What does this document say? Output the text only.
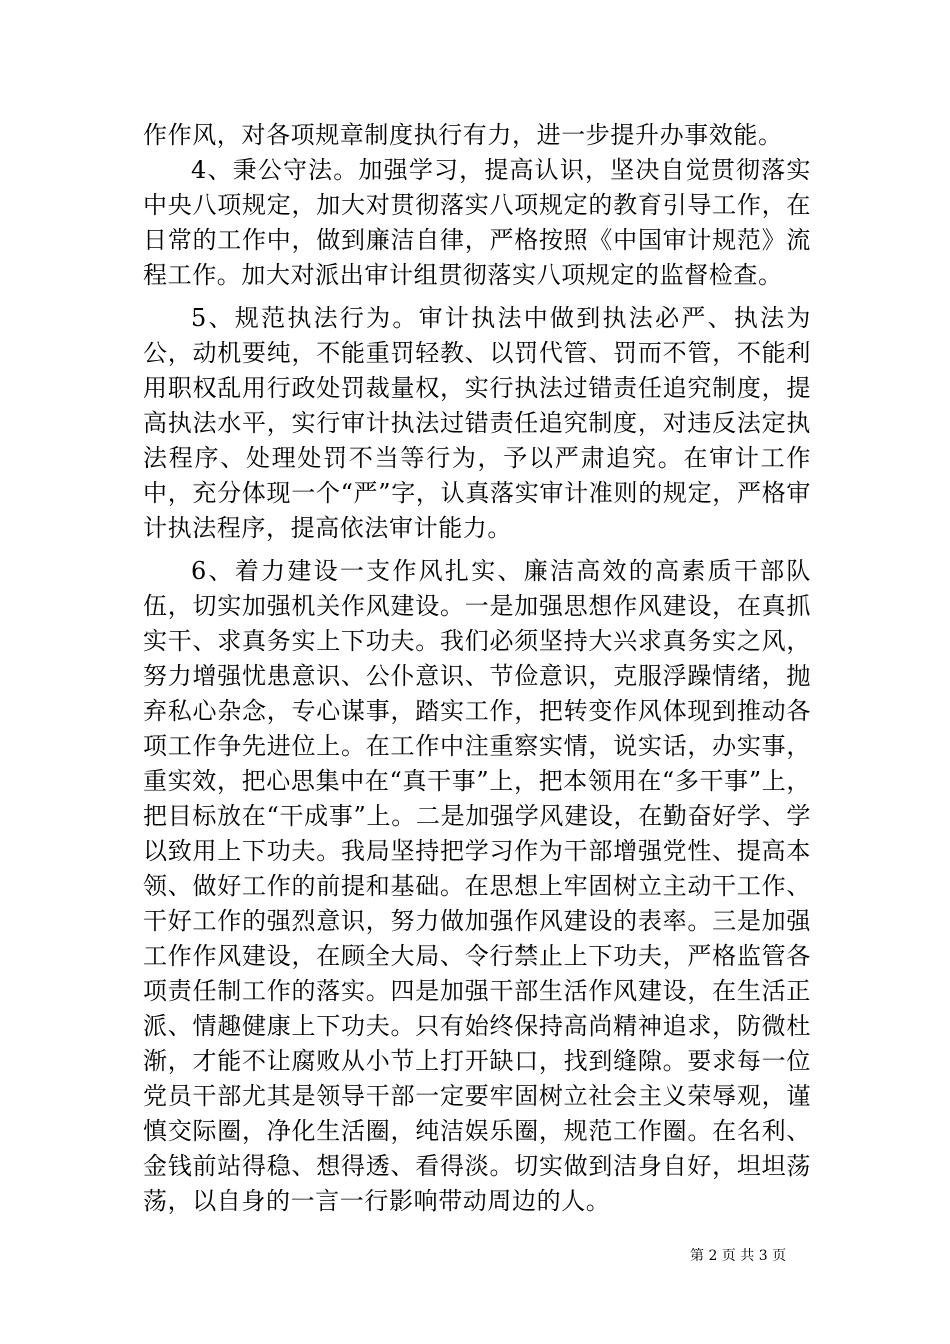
作作风，对各项规章制度执行有力，进一步提升办事效能。

4、秉公守法。加强学习，提高认识，坚决自觉贯彻落实中央八项规定，加大对贯彻落实八项规定的教育引导工作，在日常的工作中，做到廉洁自律，严格按照《中国审计规范》流程工作。加大对派出审计组贯彻落实八项规定的监督检查。

5、规范执法行为。审计执法中做到执法必严、执法为公，动机要纯，不能重罚轻教、以罚代管、罚而不管，不能利用职权乱用行政处罚裁量权，实行执法过错责任追究制度，提高执法水平，实行审计执法过错责任追究制度，对违反法定执法程序、处理处罚不当等行为，予以严肃追究。在审计工作中，充分体现一个“严”字，认真落实审计准则的规定，严格审计执法程序，提高依法审计能力。

6、着力建设一支作风扎实、廉洁高效的高素质干部队伍，切实加强机关作风建设。一是加强思想作风建设，在真抓实干、求真务实上下功夫。我们必须坚持大兴求真务实之风，努力增强忧患意识、公仆意识、节俭意识，克服浮躁情绪，抛弃私心杂念，专心谋事，踏实工作，把转变作风体现到推动各项工作争先进位上。在工作中注重察实情，说实话，办实事，重实效，把心思集中在“真干事”上，把本领用在“多干事”上，把目标放在“干成事”上。二是加强学风建设，在勤奋好学、学以致用上下功夫。我局坚持把学习作为干部增强党性、提高本领、做好工作的前提和基础。在思想上牢固树立主动干工作、干好工作的强烈意识，努力做加强作风建设的表率。三是加强工作作风建设，在顾全大局、令行禁止上下功夫，严格监管各项责任制工作的落实。四是加强干部生活作风建设，在生活正派、情趣健康上下功夫。只有始终保持高尚精神追求，防微杜渐，才能不让腐败从小节上打开缺口，找到缝隙。要求每一位党员干部尤其是领导干部一定要牢固树立社会主义荣辱观，谨慎交际圈，净化生活圈，纯洁娱乐圈，规范工作圈。在名利、金钱前站得稳、想得透、看得淡。切实做到洁身自好，坦坦荡荡，以自身的一言一行影响带动周边的人。

第 2 页 共 3 页
